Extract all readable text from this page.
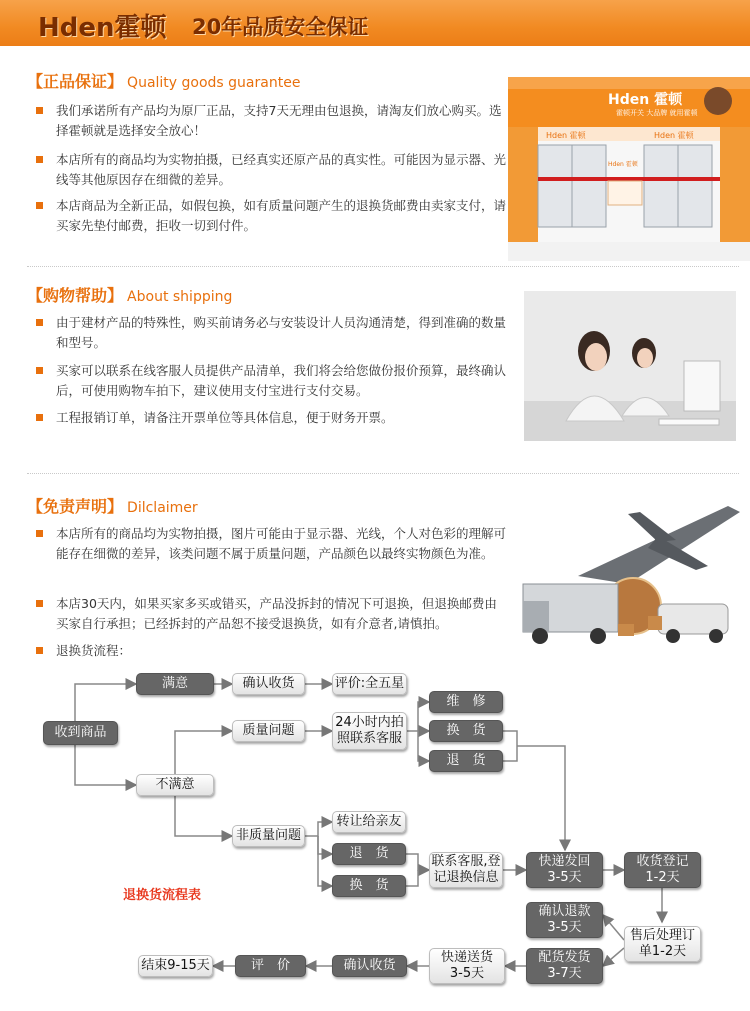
Hden霍顿 20年品质安全保证
【正品保证】 Quality goods guarantee
我们承诺所有产品均为原厂正品，支持7天无理由包退换，请淘友们放心购买。选择霍顿就是选择安全放心！
本店所有的商品均为实物拍摄，已经真实还原产品的真实性。可能因为显示器、光线等其他原因存在细微的差异。
本店商品为全新正品，如假包换，如有质量问题产生的退换货邮费由卖家支付，请买家先垫付邮费，拒收一切到付件。
Hden 霍顿
霍顿开关 大品牌 就用霍顿
Hden 霍顿	Hden 霍顿
Hden 霍顿
【购物帮助】 About shipping
由于建材产品的特殊性，购买前请务必与安装设计人员沟通清楚，得到准确的数量和型号。
买家可以联系在线客服人员提供产品清单，我们将会给您做份报价预算，最终确认后，可使用购物车拍下，建议使用支付宝进行支付交易。
工程报销订单，请备注开票单位等具体信息，便于财务开票。
【免责声明】 Dilclaimer
本店所有的商品均为实物拍摄，图片可能由于显示器、光线，个人对色彩的理解可能存在细微的差异，该类问题不属于质量问题，产品颜色以最终实物颜色为准。
本店30天内，如果买家多买或错买，产品没拆封的情况下可退换，但退换邮费由买家自行承担；已经拆封的产品恕不接受退换货，如有介意者,请慎拍。
退换货流程：
收到商品
满意	确认收货	评价:全五星
不满意
质量问题
24小时内拍
照联系客服
维　修
换　货
退　货
非质量问题
转让给亲友
退　货
换　货
联系客服,登
记退换信息
快递发回
3-5天
收货登记
1-2天
确认退款
3-5天
售后处理订
单1-2天
配货发货
3-7天
快递送货
3-5天
确认收货
评　价
结束9-15天
退换货流程表
